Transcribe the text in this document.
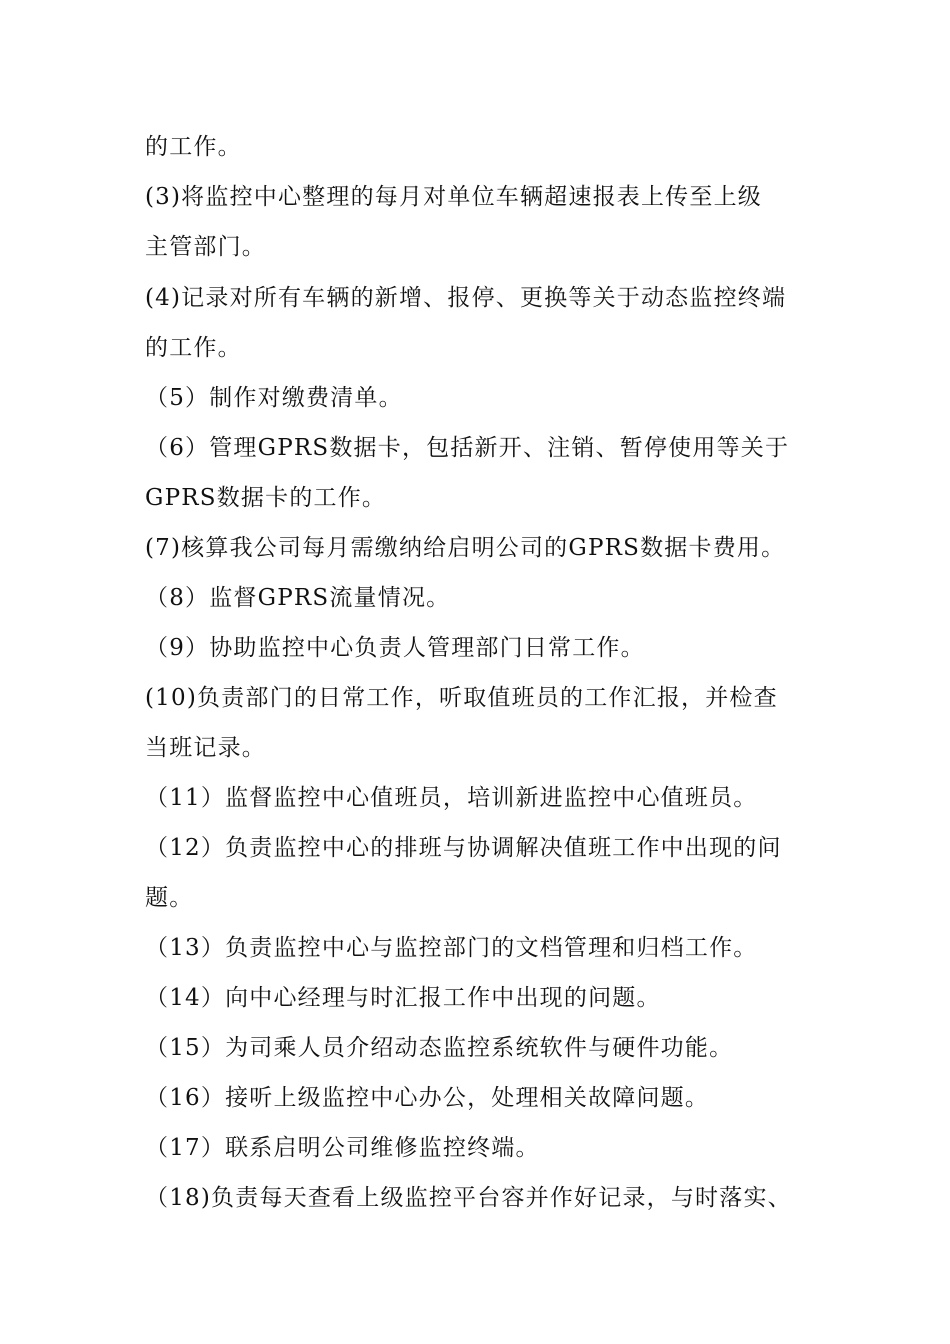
的工作。
(3)将监控中心整理的每月对单位车辆超速报表上传至上级
主管部门。
(4)记录对所有车辆的新增、报停、更换等关于动态监控终端
的工作。
（5）制作对缴费清单。
（6）管理GPRS数据卡，包括新开、注销、暂停使用等关于
GPRS数据卡的工作。
(7)核算我公司每月需缴纳给启明公司的GPRS数据卡费用。
（8）监督GPRS流量情况。
（9）协助监控中心负责人管理部门日常工作。
(10)负责部门的日常工作，听取值班员的工作汇报，并检查
当班记录。
（11）监督监控中心值班员，培训新进监控中心值班员。
（12）负责监控中心的排班与协调解决值班工作中出现的问
题。
（13）负责监控中心与监控部门的文档管理和归档工作。
（14）向中心经理与时汇报工作中出现的问题。
（15）为司乘人员介绍动态监控系统软件与硬件功能。
（16）接听上级监控中心办公，处理相关故障问题。
（17）联系启明公司维修监控终端。
（18)负责每天查看上级监控平台容并作好记录，与时落实、
